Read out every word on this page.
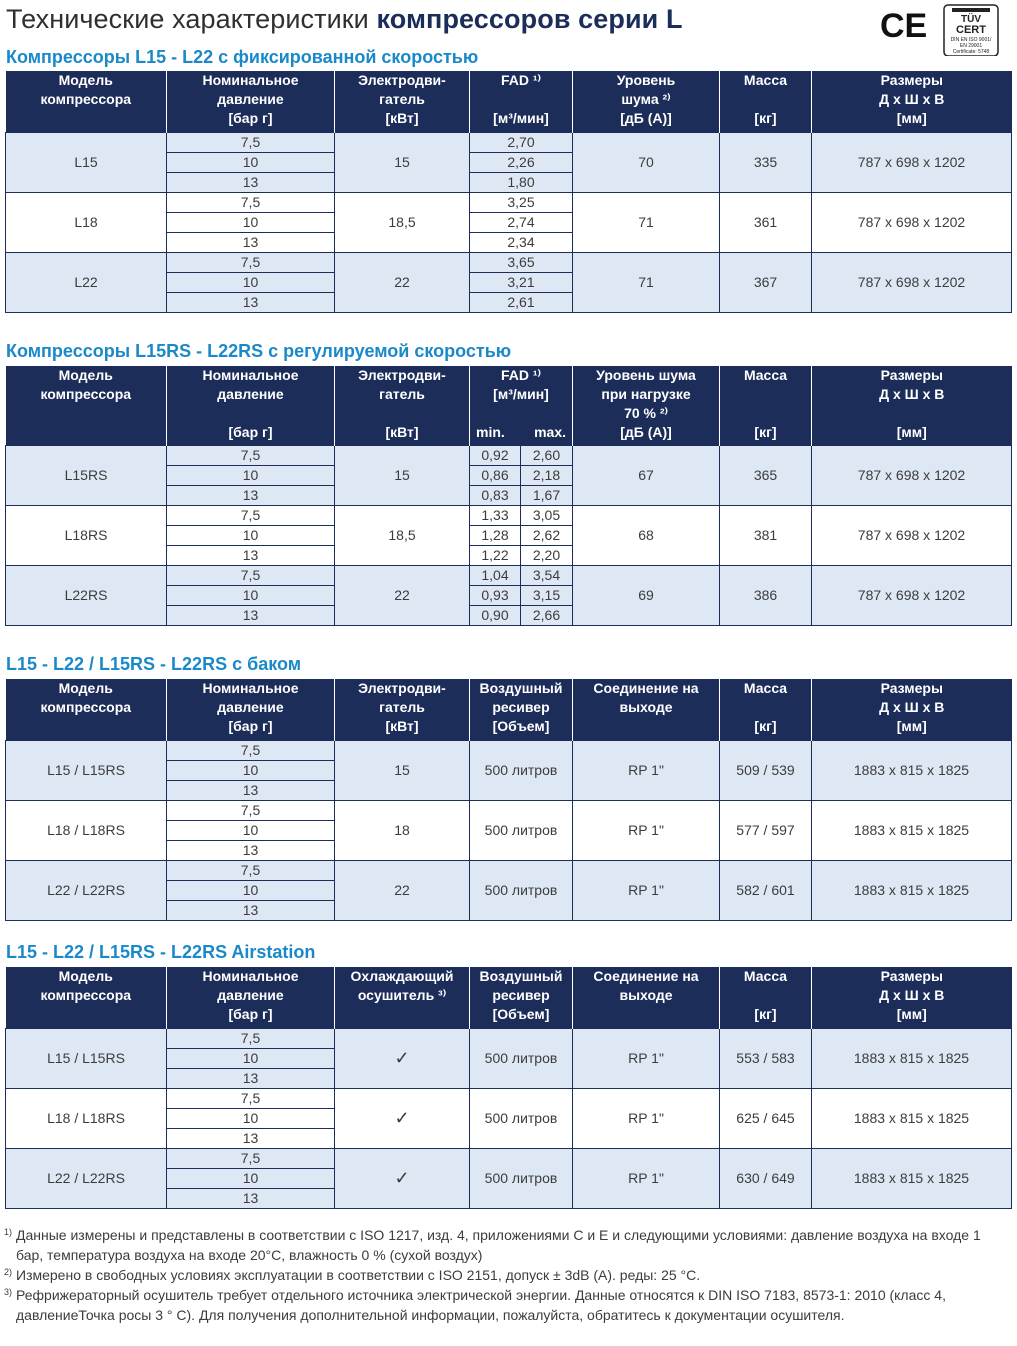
Технические характеристики компрессоров серии L	CE	TÜV
CERT
DIN EN ISO 9001/
EN 29001
Certificate: 5748
Компрессоры L15 - L22 с фиксированной скоростью
Модель
компрессора	Номинальное
давление
[бар г]	Электродви-
гатель
[кВт]	FAD ¹⁾

[м³/мин]	Уровень
шума ²⁾
[дБ (А)]	Масса

[кг]	Размеры
Д х Ш х В
[мм]

L15	7,5	15	2,70	70	335	787 x 698 x 1202
	10		2,26			
	13		1,80			
L18	7,5	18,5	3,25	71	361	787 x 698 x 1202
	10		2,74			
	13		2,34			
L22	7,5	22	3,65	71	367	787 x 698 x 1202
	10		3,21			
	13		2,61			
Компрессоры L15RS - L22RS с регулируемой скоростью
Модель
компрессора	Номинальное
давление

[бар г]	Электродви-
гатель

[кВт]	FAD ¹⁾
[м³/мин]
min. max.		Уровень шума
при нагрузке
70 % ²⁾
[дБ (А)]	Масса

[кг]	Размеры
Д х Ш х В

[мм]

L15RS	7,5	15	0,92	2,60	67	365	787 x 698 x 1202
	10		0,86	2,18			
	13		0,83	1,67			
L18RS	7,5	18,5	1,33	3,05	68	381	787 x 698 x 1202
	10		1,28	2,62			
	13		1,22	2,20			
L22RS	7,5	22	1,04	3,54	69	386	787 x 698 x 1202
	10		0,93	3,15			
	13		0,90	2,66			
L15 - L22 / L15RS - L22RS с баком
Модель
компрессора	Номинальное
давление
[бар г]	Электродви-
гатель
[кВт]	Воздушный
ресивер
[Объем]	Соединение на
выходе	Масса

[кг]	Размеры
Д х Ш х В
[мм]

L15 / L15RS	7,5	15	500 литров	RP 1"	509 / 539	1883 x 815 x 1825
	10					
	13					
L18 / L18RS	7,5	18	500 литров	RP 1"	577 / 597	1883 x 815 x 1825
	10					
	13					
L22 / L22RS	7,5	22	500 литров	RP 1"	582 / 601	1883 x 815 x 1825
	10					
	13					
L15 - L22 / L15RS - L22RS Airstation
Модель
компрессора	Номинальное
давление
[бар г]	Охлаждающий
осушитель ³⁾	Воздушный
ресивер
[Объем]	Соединение на
выходе	Масса

[кг]	Размеры
Д х Ш х В
[мм]

L15 / L15RS	7,5	✓	500 литров	RP 1"	553 / 583	1883 x 815 x 1825
	10					
	13					
L18 / L18RS	7,5	✓	500 литров	RP 1"	625 / 645	1883 x 815 x 1825
	10					
	13					
L22 / L22RS	7,5	✓	500 литров	RP 1"	630 / 649	1883 x 815 x 1825
	10					
	13					
1) Данные измерены и представлены в соответствии с ISO 1217, изд. 4, приложениями C и E и следующими условиями: давление воздуха на входе 1 бар, температура воздуха на входе 20°C, влажность 0 % (сухой воздух)
2) Измерено в свободных условиях эксплуатации в соответствии с ISO 2151, допуск ± 3dB (A). реды: 25 °C.
3) Рефрижераторный осушитель требует отдельного источника электрической энергии. Данные относятся к DIN ISO 7183, 8573-1: 2010 (класс 4, давлениеТочка росы 3 ° C). Для получения дополнительной информации, пожалуйста, обратитесь к документации осушителя.
